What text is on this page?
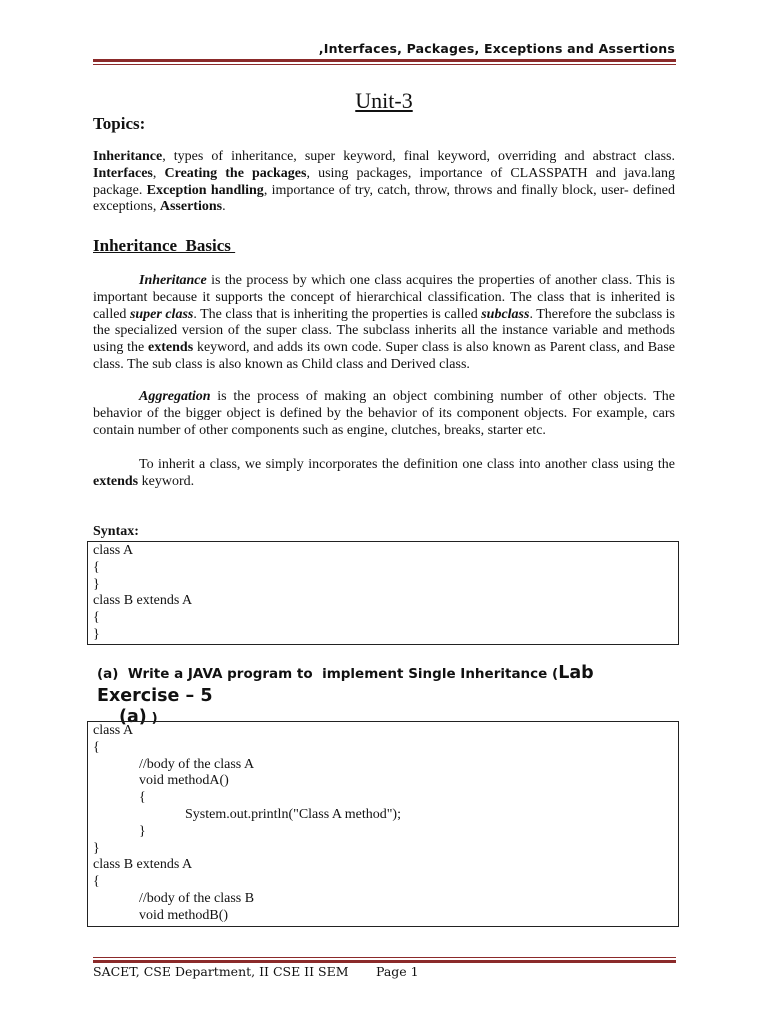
,Interfaces, Packages, Exceptions and Assertions
Unit-3
Topics:
Inheritance, types of inheritance, super keyword, final keyword, overriding and abstract class. Interfaces, Creating the packages, using packages, importance of CLASSPATH and java.lang package. Exception handling, importance of try, catch, throw, throws and finally block, user- defined exceptions, Assertions.
Inheritance  Basics
Inheritance is the process by which one class acquires the properties of another class. This is important because it supports the concept of hierarchical classification. The class that is inherited is called super class. The class that is inheriting the properties is called subclass. Therefore the subclass is the specialized version of the super class. The subclass inherits all the instance variable and methods using the extends keyword, and adds its own code. Super class is also known as Parent class, and Base class. The sub class is also known as Child class and Derived class.
Aggregation is the process of making an object combining number of other objects. The behavior of the bigger object is defined by the behavior of its component objects. For example, cars contain number of other components such as engine, clutches, breaks, starter etc.
To inherit a class, we simply incorporates the definition one class into another class using the extends keyword.
Syntax:
class A
{
}
class B extends A
{
}
(a)  Write a JAVA program to  implement Single Inheritance (Lab Exercise – 5
(a) )
class A
{
//body of the class A
void methodA()
{
System.out.println("Class A method");
}
}
class B extends A
{
//body of the class B
void methodB()
SACET, CSE Department, II CSE II SEM Page 1
